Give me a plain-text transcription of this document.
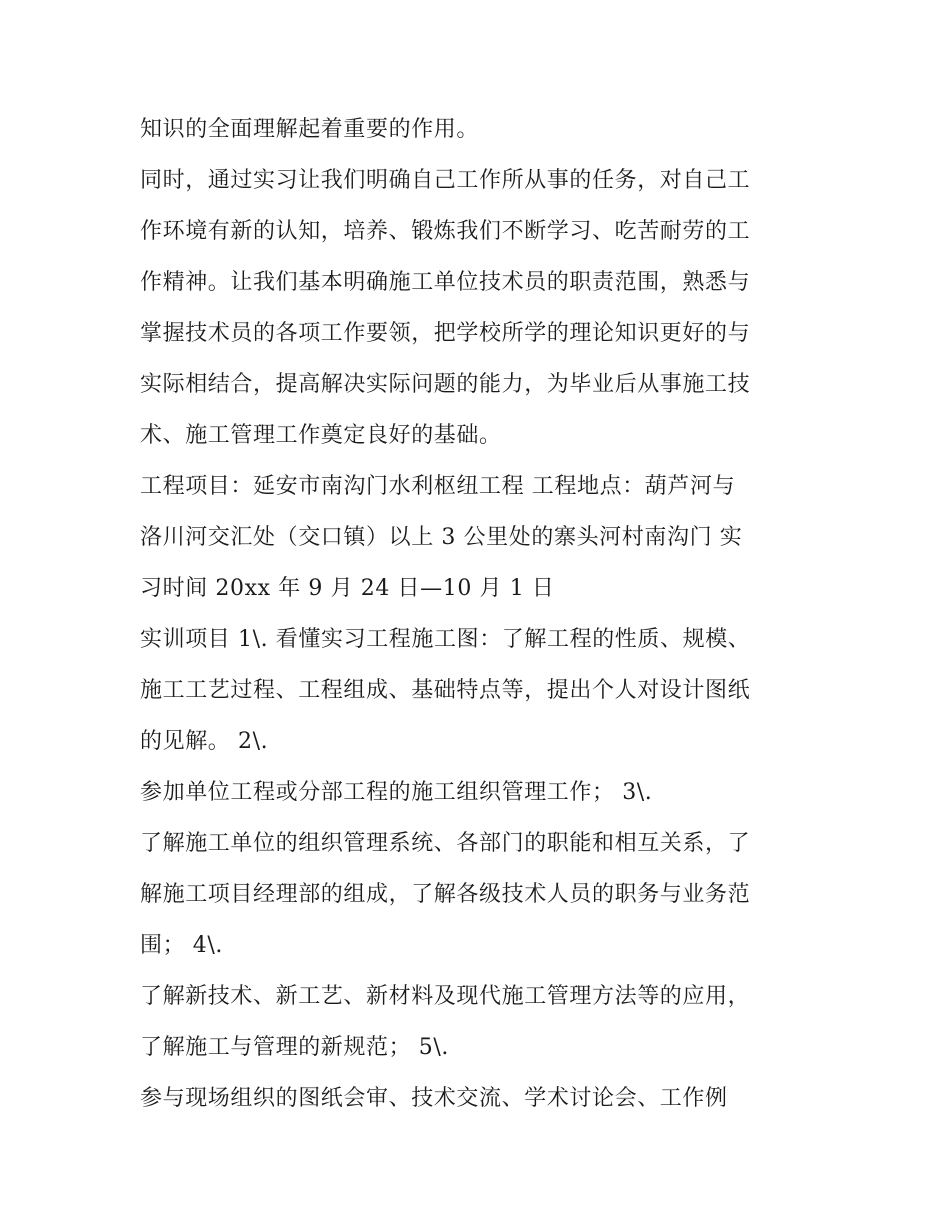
知识的全面理解起着重要的作用。
同时，通过实习让我们明确自己工作所从事的任务，对自己工
作环境有新的认知，培养、锻炼我们不断学习、吃苦耐劳的工
作精神。让我们基本明确施工单位技术员的职责范围，熟悉与
掌握技术员的各项工作要领，把学校所学的理论知识更好的与
实际相结合，提高解决实际问题的能力，为毕业后从事施工技
术、施工管理工作奠定良好的基础。
工程项目：延安市南沟门水利枢纽工程 工程地点：葫芦河与
洛川河交汇处（交口镇）以上 3 公里处的寨头河村南沟门 实
习时间 20xx 年 9 月 24 日—10 月 1 日
实训项目 1\. 看懂实习工程施工图：了解工程的性质、规模、
施工工艺过程、工程组成、基础特点等，提出个人对设计图纸
的见解。 2\.
参加单位工程或分部工程的施工组织管理工作； 3\.
了解施工单位的组织管理系统、各部门的职能和相互关系，了
解施工项目经理部的组成，了解各级技术人员的职务与业务范
围； 4\.
了解新技术、新工艺、新材料及现代施工管理方法等的应用，
了解施工与管理的新规范； 5\.
参与现场组织的图纸会审、技术交流、学术讨论会、工作例
